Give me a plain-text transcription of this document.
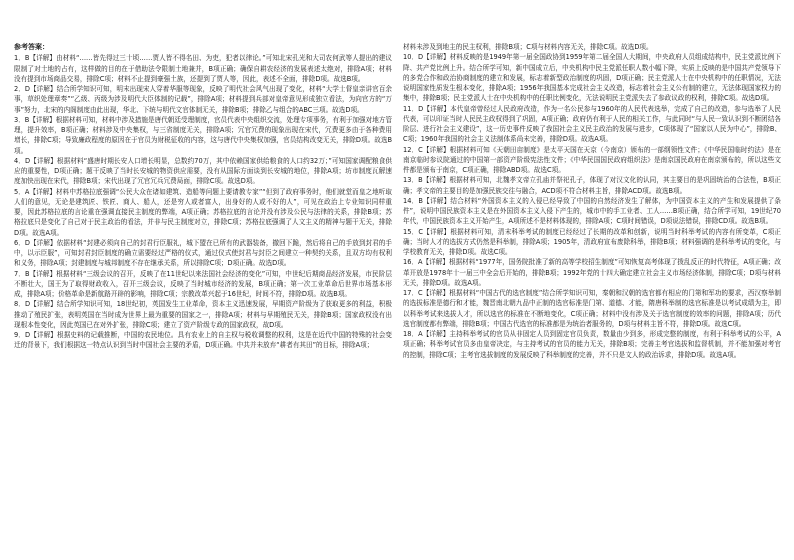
参考答案：

1．B【详解】由材料“……皆先得过三十顷……贾人皆不得名田、为吏，犯者以律论。”可知北宋孔光和大司农何武等人提出的建议限制了对土地的占有，这样做的目的在于借助法令限制土地兼并，B项正确；确保自耕农经济的发展表述太绝对，排除A项；材料没有提到市场商品交易，排除C项；材料不止提到豪强土族，还提到了贾人等，因此，表述不全面，排除D项。故选B项。

2．D【详解】结合所学知识可知，明末出现宋人穿着华服等现象，反映了明代社会风气出现了变化，材料“大学士督皇亲讲官百余事，草织处理章奏”“乙级、丙级为涉及明代大臣体制的记载”，排除A项；材料提到兵部对皇帝意见形成独立看法，为向官方的“万事”努力，北宋的内阁制度由此出现，华北、下统与明代文官体制无关，排除B项；排除乙与组合的ABC三项。故选D项。

3．B【详解】根据材料可知，材料中涉及措施是唐代朝廷受理制度，官员代表中央组织交流，处理专项事务，有利于加强对地方管理，提升效率，B项正确；材料涉及中央集权，与三省制度无关，排除A项；冗官冗费的现象出现在宋代，冗费更多由于各种费用增长，排除C项；导致廉政程度的原因在于官员为财税征收的内容，这与唐代中央集权加强，官员结构改变无关，排除D项。故选B项。

4．D【详解】根据材料“盛唐时期长安人口增长明显，总数约70万，其中依赖国家供给粮食的人口约32万；”可知国家调配粮食供应的重要性，D项正确；题干反映了当时长安城的物资供应需要，没有从国际方面谈到长安城的地位，排除A项；坊市制度瓦解速度加快出现在宋代，排除B项；宋代出现了冗官冗兵冗费局面，排除C项。故选D项。

5．A【详解】材料中苏格拉底强调“公民大众在诸如建筑、造船等问题上要请教专家”“但到了政府事务时，他们就堂而皇之地听取人们的意见，无论是建筑匠、铁匠、商人、船人，还是穷人或者富人，出身好的人或不好的人”，可见在政治上专业知识同样重要，因此苏格拉底的言论重在强调直接民主制度的弊端，A项正确；苏格拉底的言论并没有涉及公民与法律的关系，排除B项；苏格拉底只是变化了自己对于民主政治的看法，并非与民主制度对立，排除C项；苏格拉底强调了人文主义的精神与题干无关，排除D项。故选A项。

6．D【详解】依据材料“封建必须向自己的封君行臣服礼，城下盟在已所有的武器装备，撤回下跪，然后将自己的手放到封君的手中，以示臣服”，可知封君封臣制度的确立需要经过严格的仪式，通过仪式使封君与封臣之间建立一种契约关系，且双方均有权利和义务，排除A项；封建制度与城邦制度不存在继承关系，所以排除C项；D项正确。故选D项。

7．B【详解】根据材料“三级会议的召开，反映了在11世纪以来法国社会经济的变化”可知，中世纪后期商品经济发展，市民阶层不断壮大，国王为了取得财政收入，召开三级会议，反映了当时城市经济的发展，B项正确；第一次工业革命后世界市场基本形成，排除A项；价格革命是新航路开辟的影响，排除C项；宗教改革兴起于16世纪，时间不符，排除D项。故选B项。

8．D【详解】结合所学知识可知，18世纪初，英国发生工业革命，资本主义迅速发展，早期资产阶级为了获取更多的利益，积极推动了殖民扩张，表明英国在当时成为世界上最为重要的国家之一，排除A项；材料与早期殖民无关，排除B项；国家政权没有出现根本性变化，因此英国已在对外扩张，排除C项；建立了资产阶级专政的国家政权，故D项。

9．D【详解】根据史料的记载推断，中国的农民地位。具有农业上的自主权与税收调整的权利，这是在近代中国的特殊的社会变迁的背景下，我们根据这一特点认识到当时中国社会主要的矛盾，D项正确。中共并未放弃“耕者有其田”的目标，排除A项；

材料未涉及到地主的民主权利，排除B项；C项与材料内容无关，排除C项。故选D项。

10．D【详解】材料反映的是1949年第一届全国政协到1959年第二届全国人大期间，中央政府人员组成结构中，民主党派比例下降、共产党比例上升。结合所学可知，新中国成立后，中央机构中民主党派任职人数小幅下降，实质上反映的是中国共产党领导下的多党合作和政治协商制度的建立和发展，标志着新型政治制度的巩固，D项正确；民主党派人士在中央机构中的任职情况，无法说明国家性质发生根本变化，排除A项；1956年我国基本完成社会主义改造，标志着社会主义公有制的建立，无法体现国家权力的集中，排除B项；民主党派人士在中央机构中的任职比例变化，无法说明民主党派失去了参政议政的权利，排除C项。故选D项。

11．D【详解】本代皇帝曾经过人民政府改造，作为一名公民参与1960年的人民代表选举，完成了自己的改造，参与选举了人民代表，可以印证当时人民民主政权得到了巩固，A项正确；政府仍有利于人民的相关工作，与此同时“与人民一致认识到不断团结各阶层、进行社会主义建设”，这一历史事件反映了我国社会主义民主政治的发展与进步，C项体现了“国家以人民为中心”，排除B、C项；1960年我国的社会主义法制体系尚未完善，排除D项。故选A项。

12．C【详解】根据材料可知《天朝田亩制度》是太平天国在天京（今南京）颁布的一部纲领性文件；《中华民国临时约法》是在南京临时参议院通过的中国第一部资产阶级宪法性文件；《中华民国国民政府组织法》是南京国民政府在南京颁布的，所以这些文件都是颁布于南京，C项正确，排除ABD项。故选C项。

13．B【详解】根据材料可知，北魏孝文帝立孔庙并祭祀孔子，体现了对汉文化的认同，其主要目的是巩固统治的合法性，B项正确；孝文帝的主要目的是加强民族交往与融合，ACD项不符合材料主旨，排除ACD项。故选B项。

14．B【详解】结合材料“外国资本主义的入侵已经导致了中国的自然经济发生了解体，为中国资本主义的产生和发展提供了条件”，说明中国民族资本主义是在外国资本主义入侵下产生的，城市中的手工业者、工人……B项正确，结合所学可知，19世纪70年代，中国民族资本主义开始产生，A项所述不是材料体现的，排除A项；C项时间错误，D项说法错误，排除CD项。故选B项。

15．C【详解】根据材料可知，清末科举考试的制度已经经过了长期的改革和创新，说明当时科举考试的内容有所变革，C项正确；当时人才的选拔方式仍然是科举制，排除A项；1905年，清政府宣布废除科举，排除B项；材料强调的是科举考试的变化，与学校教育无关，排除D项。故选C项。

16．A【详解】根据材料“1977年，国务院批准了新的高等学校招生制度”可知恢复高考体现了拨乱反正的时代特征，A项正确；改革开放是1978年十一届三中全会后开始的，排除B项；1992年党的十四大确定建立社会主义市场经济体制，排除C项；D项与材料无关，排除D项。故选A项。

17．C【详解】根据材料“中国古代的选官制度”结合所学知识可知，秦朝和汉朝的选官都有相应的门第和军功的要求，西汉察举制的选拔标准是德行和才能，魏晋南北朝九品中正制的选官标准是门第、道德、才能，隋唐科举制的选官标准是以考试成绩为主，即以科举考试来选拔人才，所以选官的标准在不断地变化，C项正确；材料中没有涉及关于选官制度的效率的问题，排除A项；历代选官制度都有弊端，排除B项；中国古代选官的标准都是为统治者服务的，D项与材料主旨不符，排除D项。故选C项。

18．A【详解】主持科举考试的官员从非固定人员到固定官员负责，数量由少到多，形成完整的制度，有利于科举考试的公平，A项正确；科举考试官员多由皇帝决定，与主持考试的官员的能力无关，排除B项；完善主考官选拔和监督机制，并不能加强对考官的控制，排除C项；主考官选拔制度的发展反映了科举制度的完善，并不只是文人的政治诉求，排除D项。故选A项。
